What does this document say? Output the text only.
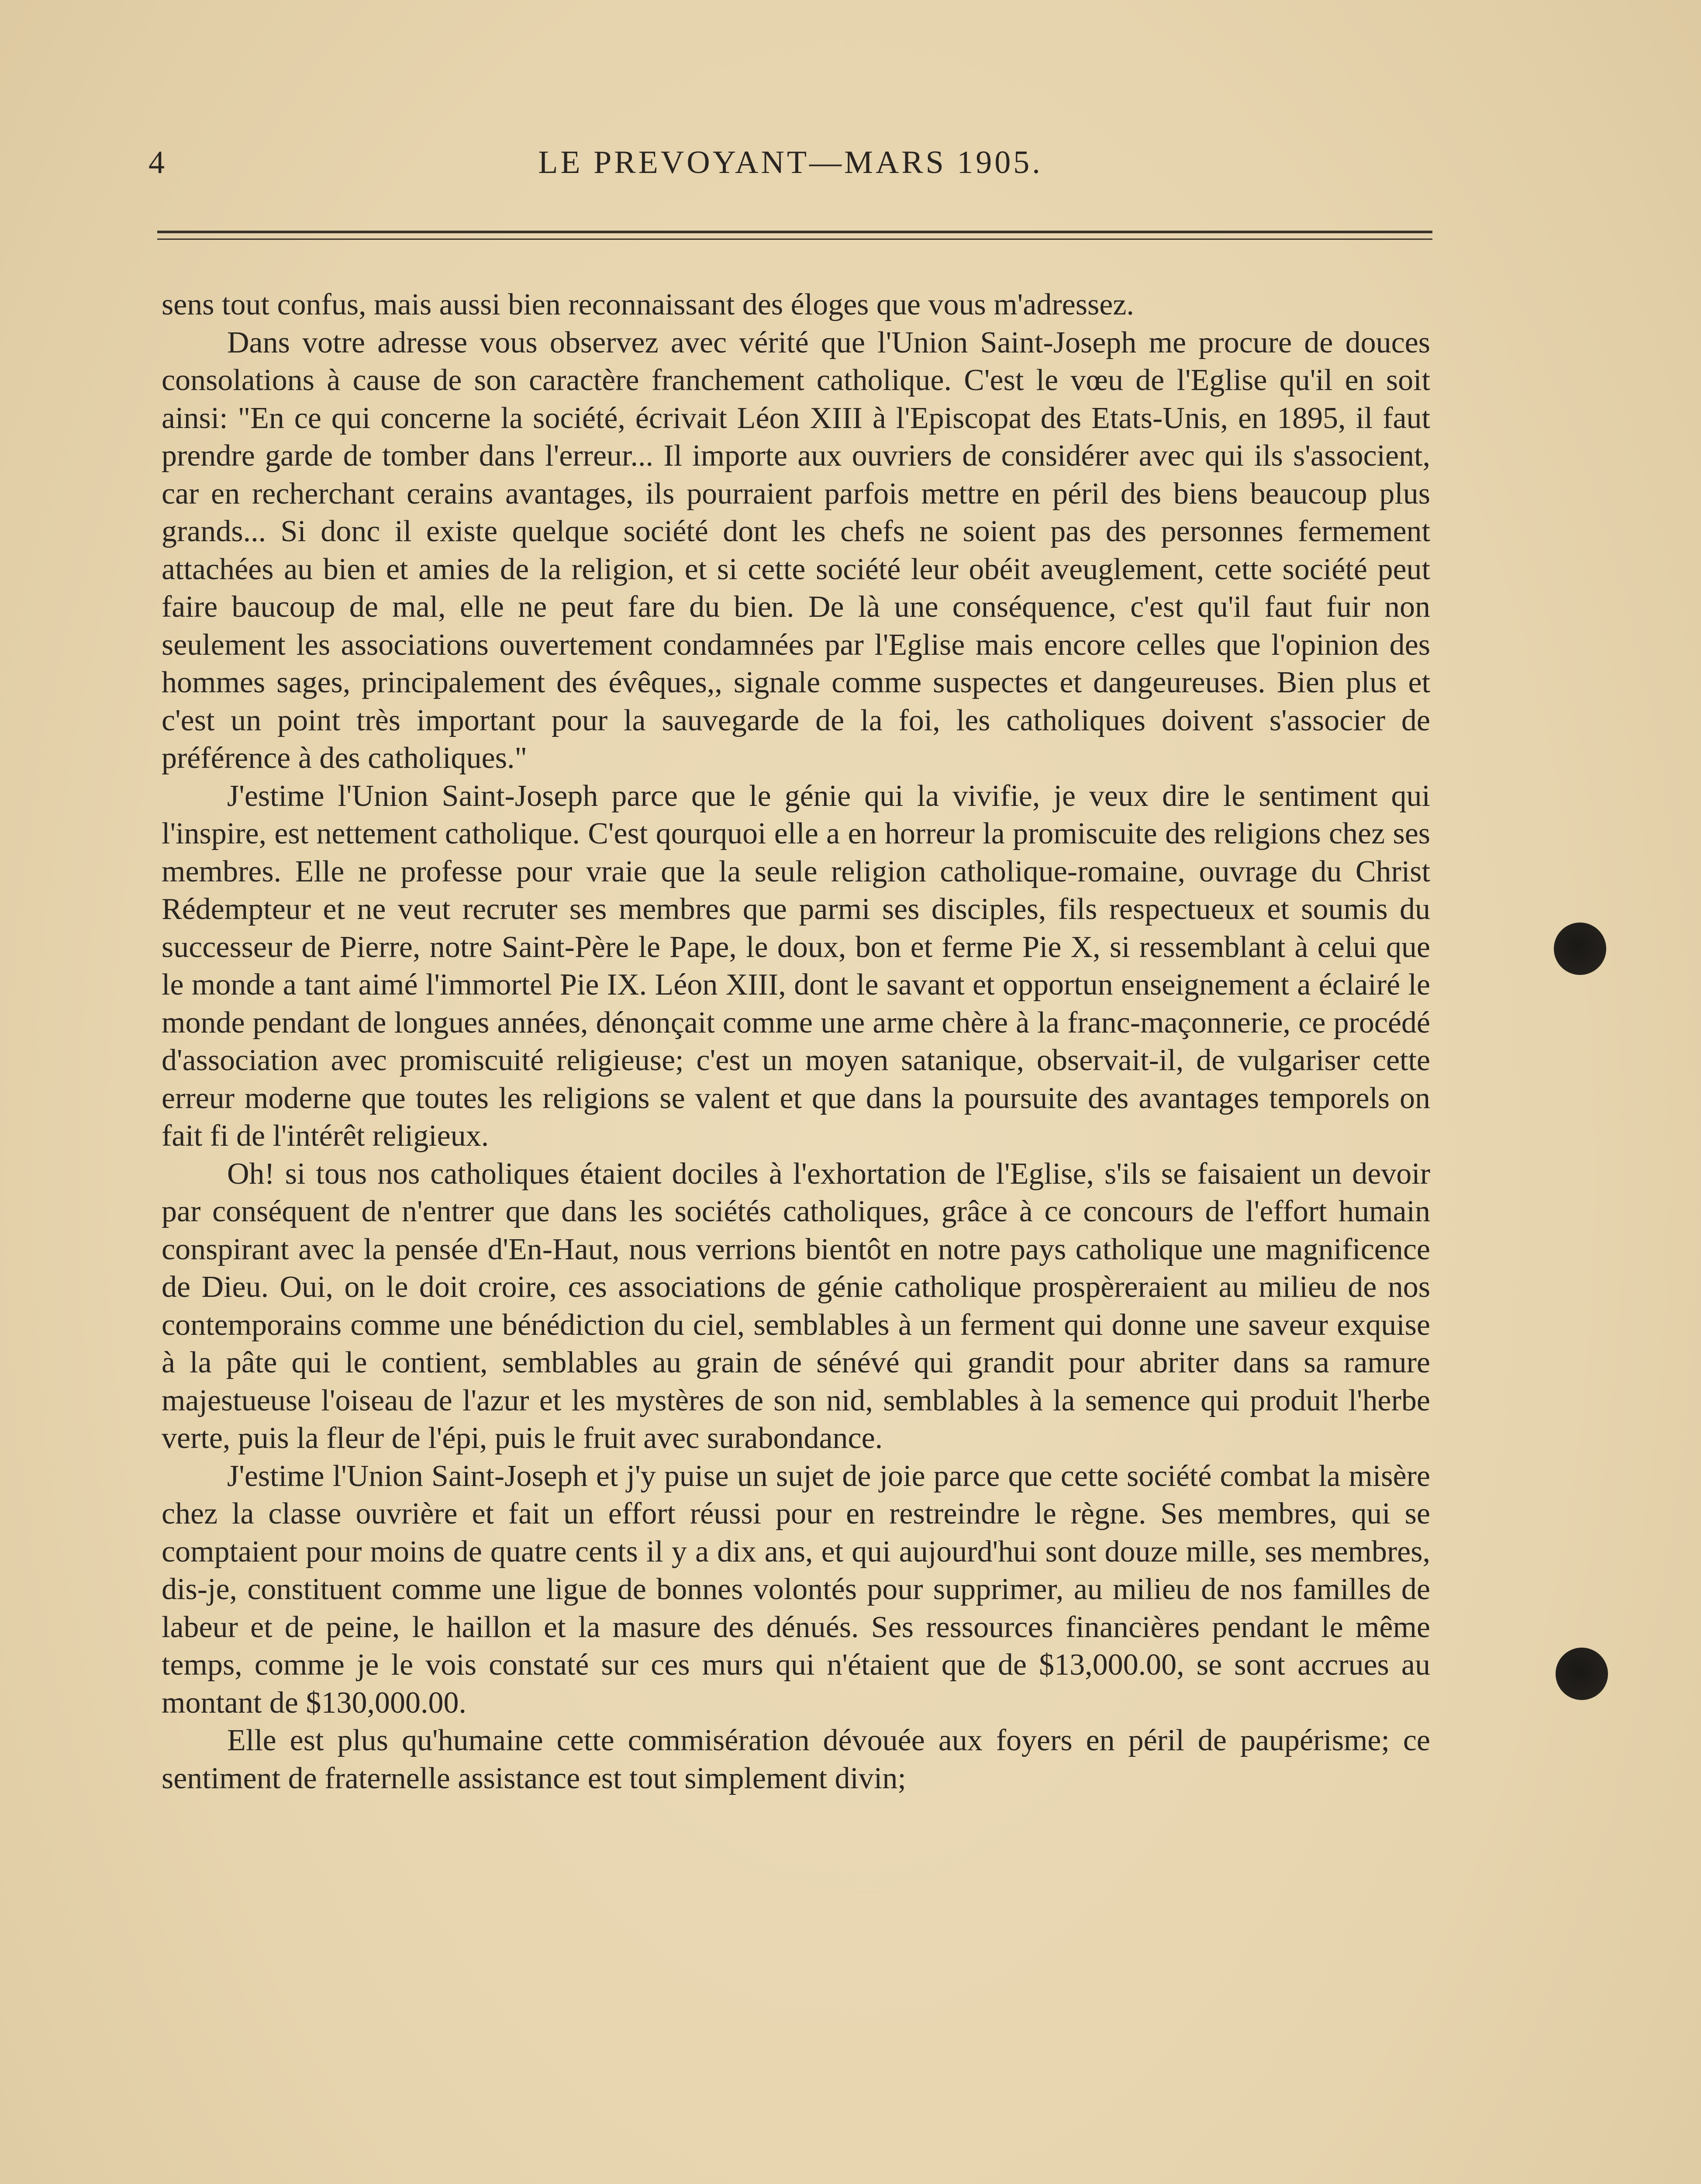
4	LE PREVOYANT—MARS 1905.

sens tout confus, mais aussi bien reconnaissant des éloges que vous m'adressez.

Dans votre adresse vous observez avec vérité que l'Union Saint-Joseph me procure de douces consolations à cause de son caractère franchement catholique. C'est le vœu de l'Eglise qu'il en soit ainsi: "En ce qui concerne la société, écrivait Léon XIII à l'Episcopat des Etats-Unis, en 1895, il faut prendre garde de tomber dans l'erreur... Il importe aux ouvriers de considérer avec qui ils s'associent, car en recherchant cerains avantages, ils pourraient parfois mettre en péril des biens beaucoup plus grands... Si donc il existe quelque société dont les chefs ne soient pas des personnes fermement attachées au bien et amies de la religion, et si cette société leur obéit aveuglement, cette société peut faire baucoup de mal, elle ne peut fare du bien. De là une conséquence, c'est qu'il faut fuir non seulement les associations ouvertement condamnées par l'Eglise mais encore celles que l'opinion des hommes sages, principalement des évêques,, signale comme suspectes et dangeureuses. Bien plus et c'est un point très important pour la sauvegarde de la foi, les catholiques doivent s'associer de préférence à des catholiques."

J'estime l'Union Saint-Joseph parce que le génie qui la vivifie, je veux dire le sentiment qui l'inspire, est nettement catholique. C'est qourquoi elle a en horreur la promiscuite des religions chez ses membres. Elle ne professe pour vraie que la seule religion catholique-romaine, ouvrage du Christ Rédempteur et ne veut recruter ses membres que parmi ses disciples, fils respectueux et soumis du successeur de Pierre, notre Saint-Père le Pape, le doux, bon et ferme Pie X, si ressemblant à celui que le monde a tant aimé l'immortel Pie IX. Léon XIII, dont le savant et opportun enseignement a éclairé le monde pendant de longues années, dénonçait comme une arme chère à la franc-maçonnerie, ce procédé d'association avec promiscuité religieuse; c'est un moyen satanique, observait-il, de vulgariser cette erreur moderne que toutes les religions se valent et que dans la poursuite des avantages temporels on fait fi de l'intérêt religieux.

Oh! si tous nos catholiques étaient dociles à l'exhortation de l'Eglise, s'ils se faisaient un devoir par conséquent de n'entrer que dans les sociétés catholiques, grâce à ce concours de l'effort humain conspirant avec la pensée d'En-Haut, nous verrions bientôt en notre pays catholique une magnificence de Dieu. Oui, on le doit croire, ces associations de génie catholique prospèreraient au milieu de nos contemporains comme une bénédiction du ciel, semblables à un ferment qui donne une saveur exquise à la pâte qui le contient, semblables au grain de sénévé qui grandit pour abriter dans sa ramure majestueuse l'oiseau de l'azur et les mystères de son nid, semblables à la semence qui produit l'herbe verte, puis la fleur de l'épi, puis le fruit avec surabondance.

J'estime l'Union Saint-Joseph et j'y puise un sujet de joie parce que cette société combat la misère chez la classe ouvrière et fait un effort réussi pour en restreindre le règne. Ses membres, qui se comptaient pour moins de quatre cents il y a dix ans, et qui aujourd'hui sont douze mille, ses membres, dis-je, constituent comme une ligue de bonnes volontés pour supprimer, au milieu de nos familles de labeur et de peine, le haillon et la masure des dénués. Ses ressources financières pendant le même temps, comme je le vois constaté sur ces murs qui n'étaient que de $13,000.00, se sont accrues au montant de $130,000.00.

Elle est plus qu'humaine cette commisération dévouée aux foyers en péril de paupérisme; ce sentiment de fraternelle assistance est tout simplement divin;
